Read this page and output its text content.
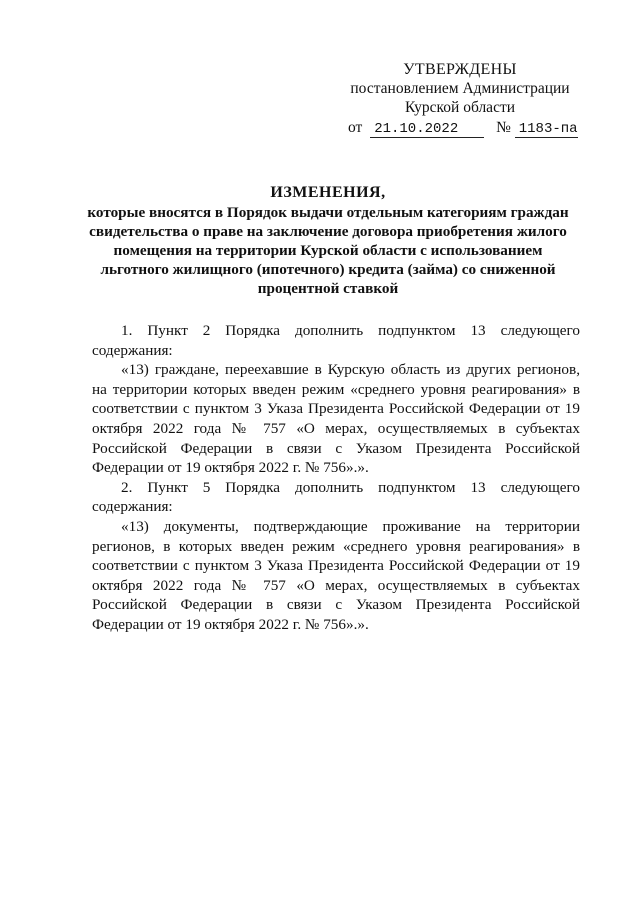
УТВЕРЖДЕНЫ
постановлением Администрации
Курской области
от 21.10.2022 № 1183-па
ИЗМЕНЕНИЯ,
которые вносятся в Порядок выдачи отдельным категориям граждан
свидетельства о праве на заключение договора приобретения жилого
помещения на территории Курской области с использованием
льготного жилищного (ипотечного) кредита (займа) со сниженной
процентной ставкой

1. Пункт 2 Порядка дополнить подпунктом 13 следующего содержания:

«13) граждане, переехавшие в Курскую область из других регионов, на территории которых введен режим «среднего уровня реагирования» в соответствии с пунктом 3 Указа Президента Российской Федерации от 19 октября 2022 года № 757 «О мерах, осуществляемых в субъектах Российской Федерации в связи с Указом Президента Российской Федерации от 19 октября 2022 г. № 756».».

2. Пункт 5 Порядка дополнить подпунктом 13 следующего содержания:

«13) документы, подтверждающие проживание на территории регионов, в которых введен режим «среднего уровня реагирования» в соответствии с пунктом 3 Указа Президента Российской Федерации от 19 октября 2022 года № 757 «О мерах, осуществляемых в субъектах Российской Федерации в связи с Указом Президента Российской Федерации от 19 октября 2022 г. № 756».».
